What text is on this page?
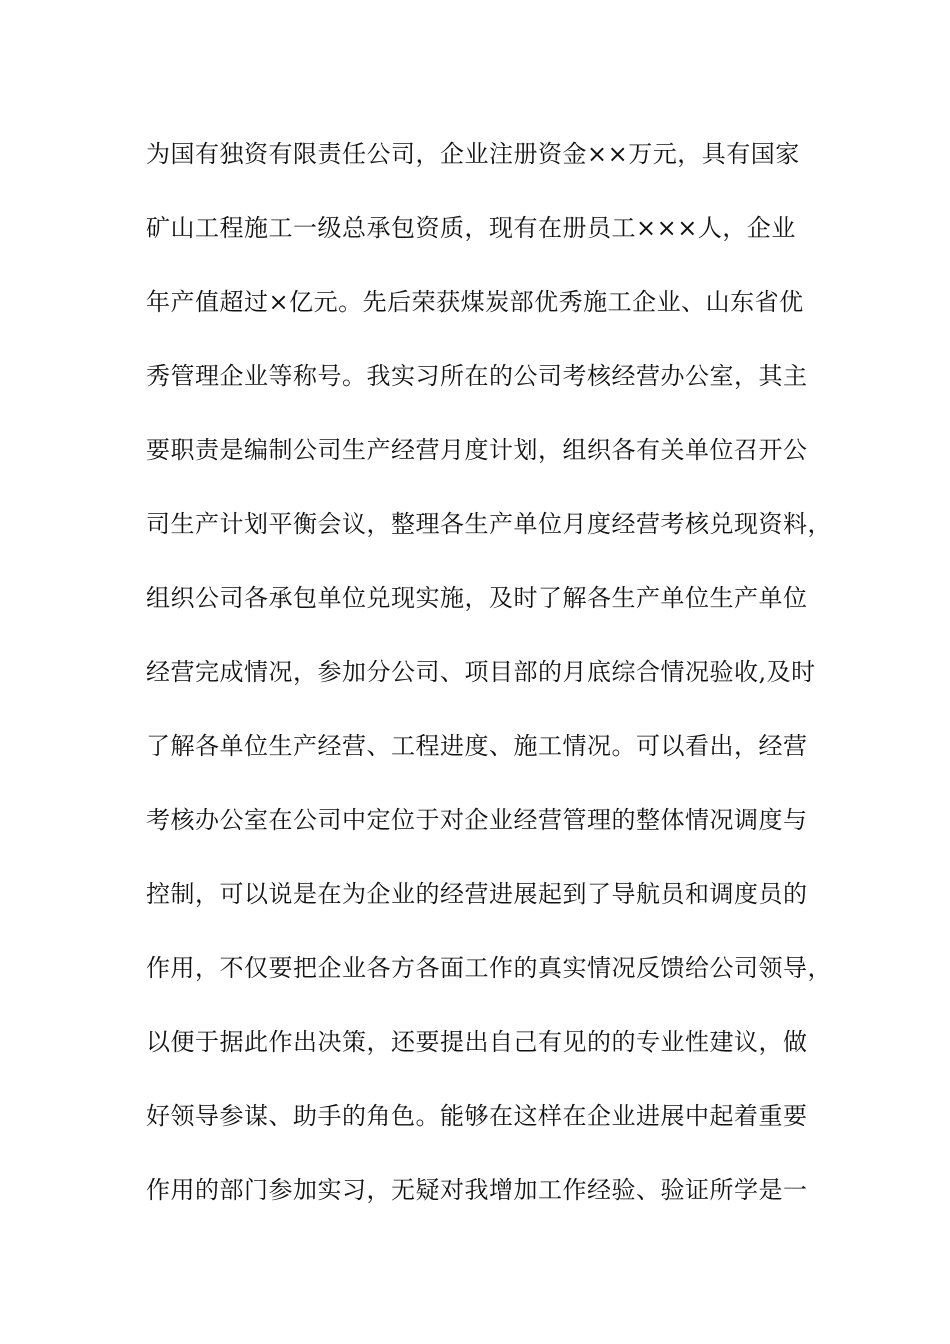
为国有独资有限责任公司，企业注册资金××万元，具有国家
矿山工程施工一级总承包资质，现有在册员工×××人，企业
年产值超过×亿元。先后荣获煤炭部优秀施工企业、山东省优
秀管理企业等称号。我实习所在的公司考核经营办公室，其主
要职责是编制公司生产经营月度计划，组织各有关单位召开公
司生产计划平衡会议，整理各生产单位月度经营考核兑现资料，
组织公司各承包单位兑现实施，及时了解各生产单位生产单位
经营完成情况，参加分公司、项目部的月底综合情况验收,及时
了解各单位生产经营、工程进度、施工情况。可以看出，经营
考核办公室在公司中定位于对企业经营管理的整体情况调度与
控制，可以说是在为企业的经营进展起到了导航员和调度员的
作用，不仅要把企业各方各面工作的真实情况反馈给公司领导，
以便于据此作出决策，还要提出自己有见的的专业性建议，做
好领导参谋、助手的角色。能够在这样在企业进展中起着重要
作用的部门参加实习，无疑对我增加工作经验、验证所学是一
